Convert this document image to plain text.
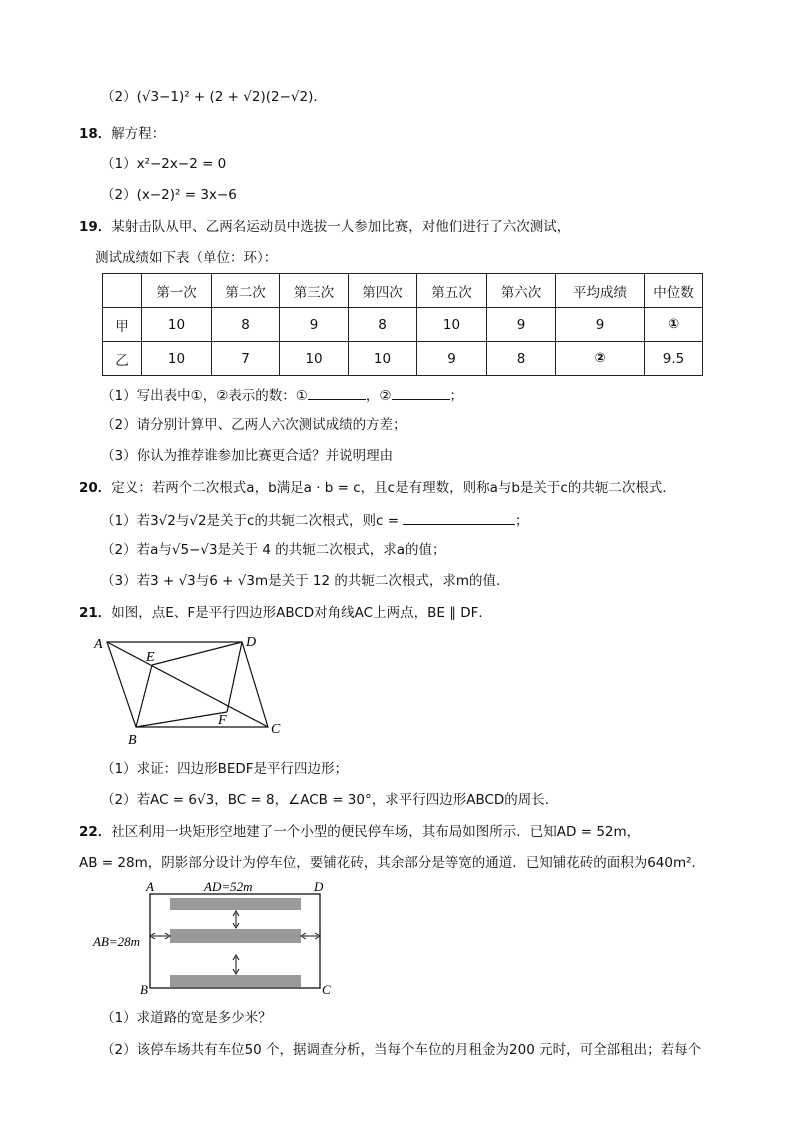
（2）(√3−1)² + (2 + √2)(2−√2)．
18．解方程：
（1）x²−2x−2 = 0
（2）(x−2)² = 3x−6
19．某射击队从甲、乙两名运动员中选拔一人参加比赛，对他们进行了六次测试，
测试成绩如下表（单位：环）：
	第一次	第二次	第三次	第四次	第五次	第六次	平均成绩	中位数
甲	10	8	9	8	10	9	9	①
乙	10	7	10	10	9	8	②	9.5
（1）写出表中①，②表示的数：①	，②	；
（2）请分别计算甲、乙两人六次测试成绩的方差；
（3）你认为推荐谁参加比赛更合适？并说明理由
20．定义：若两个二次根式a，b满足a · b = c，且c是有理数，则称a与b是关于c的共轭二次根式．
（1）若3√2与√2是关于c的共轭二次根式，则c =	；
（2）若a与√5−√3是关于 4 的共轭二次根式，求a的值；
（3）若3 + √3与6 + √3m是关于 12 的共轭二次根式，求m的值．
21．如图，点E、F是平行四边形ABCD对角线AC上两点，BE ∥ DF．
A	D
E
F
B
C
（1）求证：四边形BEDF是平行四边形；
（2）若AC = 6√3，BC = 8，∠ACB = 30°，求平行四边形ABCD的周长．
22．社区利用一块矩形空地建了一个小型的便民停车场，其布局如图所示．已知AD = 52m，
AB = 28m，阴影部分设计为停车位，要铺花砖，其余部分是等宽的通道．已知铺花砖的面积为640m²．
A	D
B	C
AD=52m
AB=28m
（1）求道路的宽是多少米？
（2）该停车场共有车位50 个，据调查分析，当每个车位的月租金为200 元时，可全部租出；若每个
